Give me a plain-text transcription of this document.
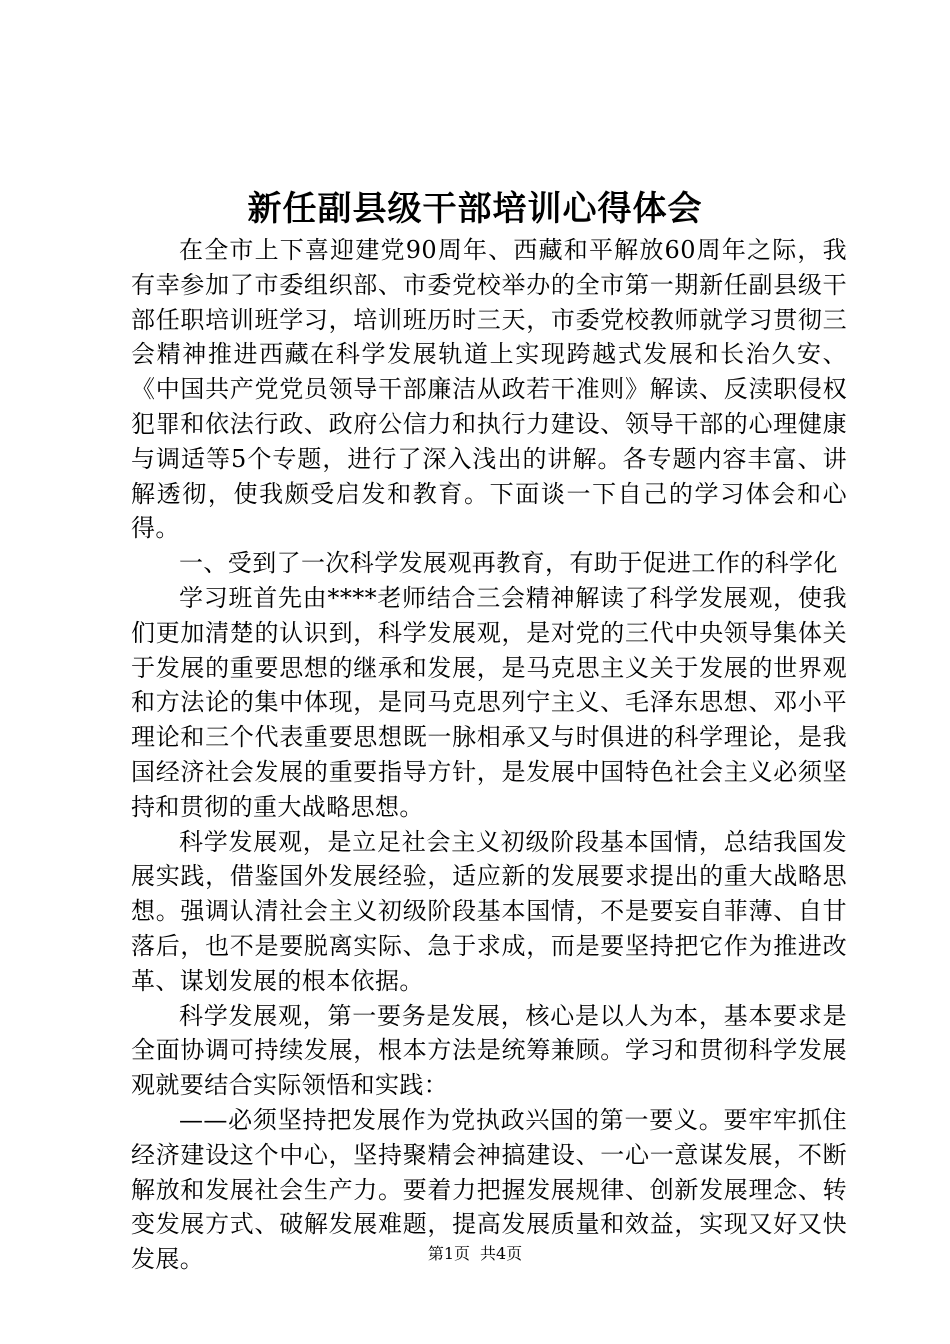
新任副县级干部培训心得体会

在全市上下喜迎建党90周年、西藏和平解放60周年之际，我有幸参加了市委组织部、市委党校举办的全市第一期新任副县级干部任职培训班学习，培训班历时三天，市委党校教师就学习贯彻三会精神推进西藏在科学发展轨道上实现跨越式发展和长治久安、《中国共产党党员领导干部廉洁从政若干准则》解读、反渎职侵权犯罪和依法行政、政府公信力和执行力建设、领导干部的心理健康与调适等5个专题，进行了深入浅出的讲解。各专题内容丰富、讲解透彻，使我颇受启发和教育。下面谈一下自己的学习体会和心得。

一、受到了一次科学发展观再教育，有助于促进工作的科学化

学习班首先由****老师结合三会精神解读了科学发展观，使我们更加清楚的认识到，科学发展观，是对党的三代中央领导集体关于发展的重要思想的继承和发展，是马克思主义关于发展的世界观和方法论的集中体现，是同马克思列宁主义、毛泽东思想、邓小平理论和三个代表重要思想既一脉相承又与时俱进的科学理论，是我国经济社会发展的重要指导方针，是发展中国特色社会主义必须坚持和贯彻的重大战略思想。

科学发展观，是立足社会主义初级阶段基本国情，总结我国发展实践，借鉴国外发展经验，适应新的发展要求提出的重大战略思想。强调认清社会主义初级阶段基本国情，不是要妄自菲薄、自甘落后，也不是要脱离实际、急于求成，而是要坚持把它作为推进改革、谋划发展的根本依据。

科学发展观，第一要务是发展，核心是以人为本，基本要求是全面协调可持续发展，根本方法是统筹兼顾。学习和贯彻科学发展观就要结合实际领悟和实践：

——必须坚持把发展作为党执政兴国的第一要义。要牢牢抓住经济建设这个中心，坚持聚精会神搞建设、一心一意谋发展，不断解放和发展社会生产力。要着力把握发展规律、创新发展理念、转变发展方式、破解发展难题，提高发展质量和效益，实现又好又快发展。	第1页 共4页
